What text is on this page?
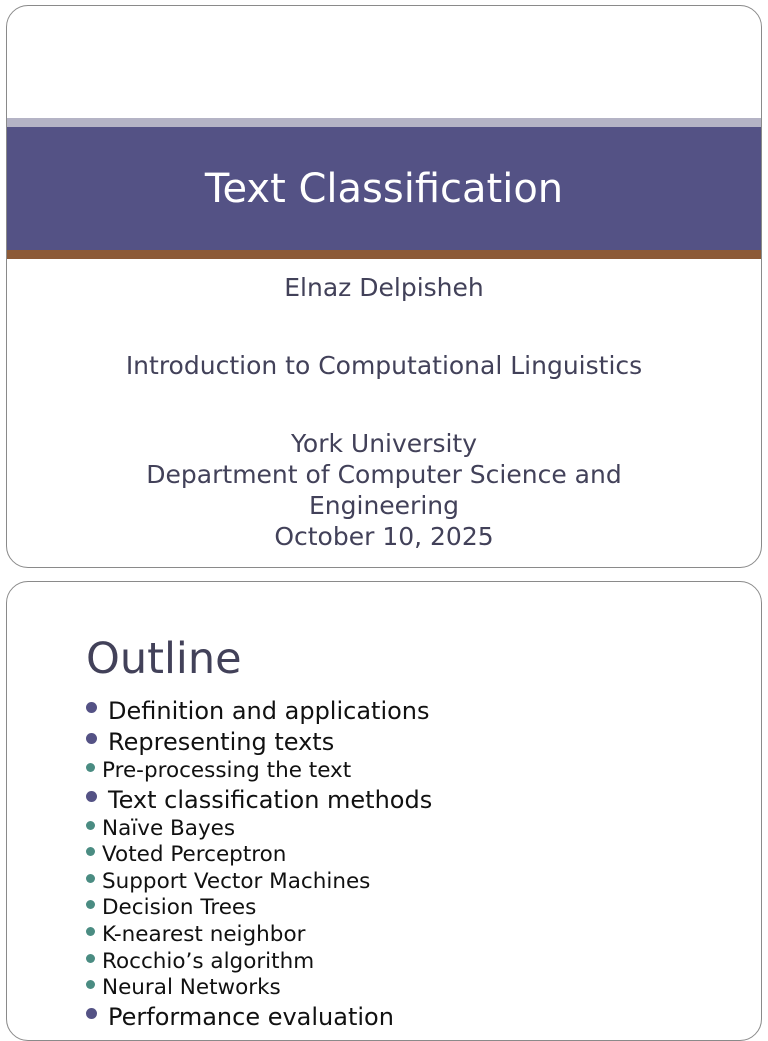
Text Classification

Elnaz Delpisheh

Introduction to Computational Linguistics

York University

Department of Computer Science and Engineering

October 10, 2025

Outline
Definition and applications
Representing texts
Pre-processing the text
Text classification methods
Naïve Bayes
Voted Perceptron
Support Vector Machines
Decision Trees
K-nearest neighbor
Rocchio’s algorithm
Neural Networks
Performance evaluation
